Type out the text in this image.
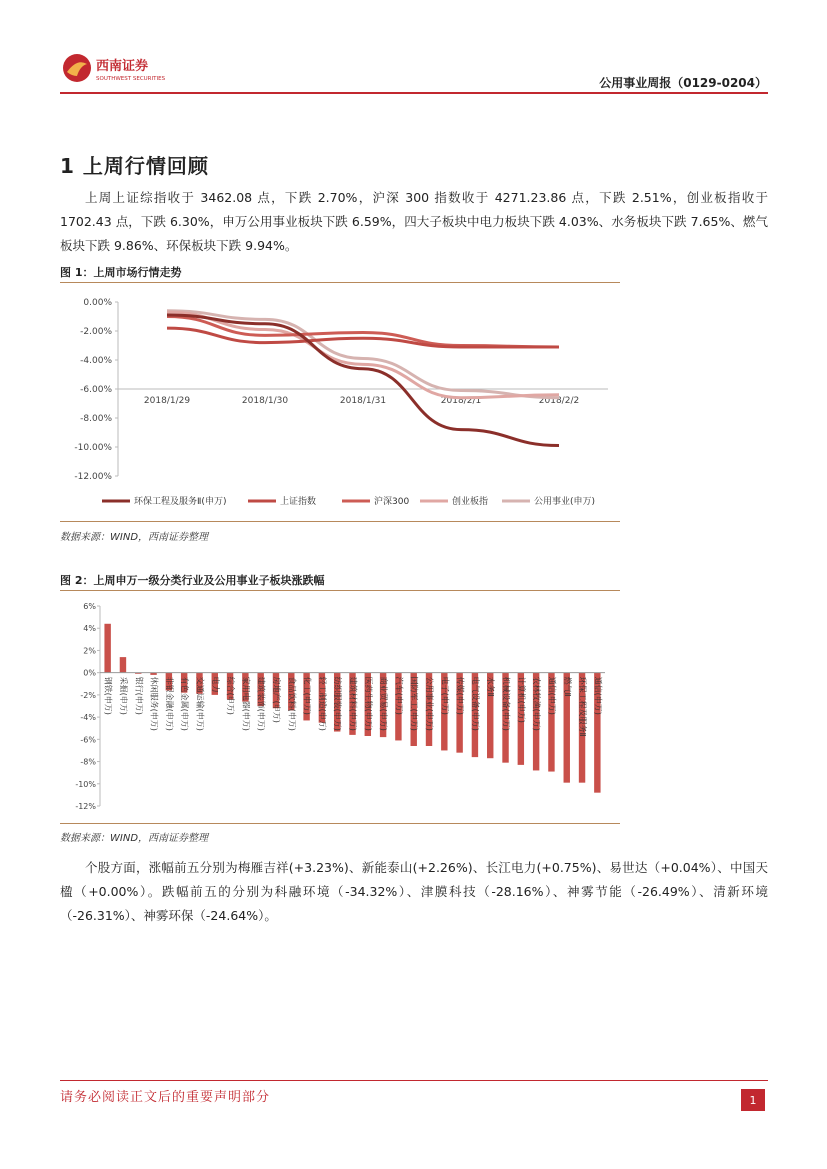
西南证券
SOUTHWEST SECURITIES	公用事业周报（0129-0204）
1 上周行情回顾
上周上证综指收于 3462.08 点，下跌 2.70%，沪深 300 指数收于 4271.23.86 点，下跌 2.51%，创业板指收于 1702.43 点，下跌 6.30%，申万公用事业板块下跌 6.59%，四大子板块中电力板块下跌 4.03%、水务板块下跌 7.65%、燃气板块下跌 9.86%、环保板块下跌 9.94%。
图 1：上周市场行情走势
0.00%
-2.00%
-4.00%
-6.00%
-8.00%
-10.00%
-12.00%
2018/1/29	2018/1/30	2018/1/31	2018/2/1	2018/2/2
环保工程及服务Ⅱ(申万)	上证指数	沪深300	创业板指	公用事业(申万)
数据来源：WIND，西南证券整理
图 2：上周申万一级分类行业及公用事业子板块涨跌幅
6%
4%
2%
0%
-2%
-4%
-6%
-8%
-10%
-12%
钢铁(申万) 采掘(申万) 银行(申万) 休闲服务(申万) 非银金融(申万) 有色金属(申万) 交通运输(申万) 电力 综合(申万) 家用电器(申万) 建筑装饰(申万) 房地产(申万) 食品饮料(申万) 化工(申万) 轻工制造(申万) 纺织服装(申万) 建筑材料(申万) 医药生物(申万) 商业贸易(申万) 汽车(申万) 国防军工(申万) 公用事业(申万) 电子(申万) 传媒(申万) 电气设备(申万) 水务Ⅱ 机械设备(申万) 计算机(申万) 农林牧渔(申万) 通信(申万) 燃气Ⅱ 环保工程及服务Ⅱ 通信(申万)
数据来源：WIND，西南证券整理
个股方面，涨幅前五分别为梅雁吉祥(+3.23%)、新能泰山(+2.26%)、长江电力(+0.75%)、易世达（+0.04%）、中国天楹（+0.00%）。跌幅前五的分别为科融环境（-34.32%）、津膜科技（-28.16%）、神雾节能（-26.49%）、清新环境（-26.31%）、神雾环保（-24.64%）。
请务必阅读正文后的重要声明部分	1
